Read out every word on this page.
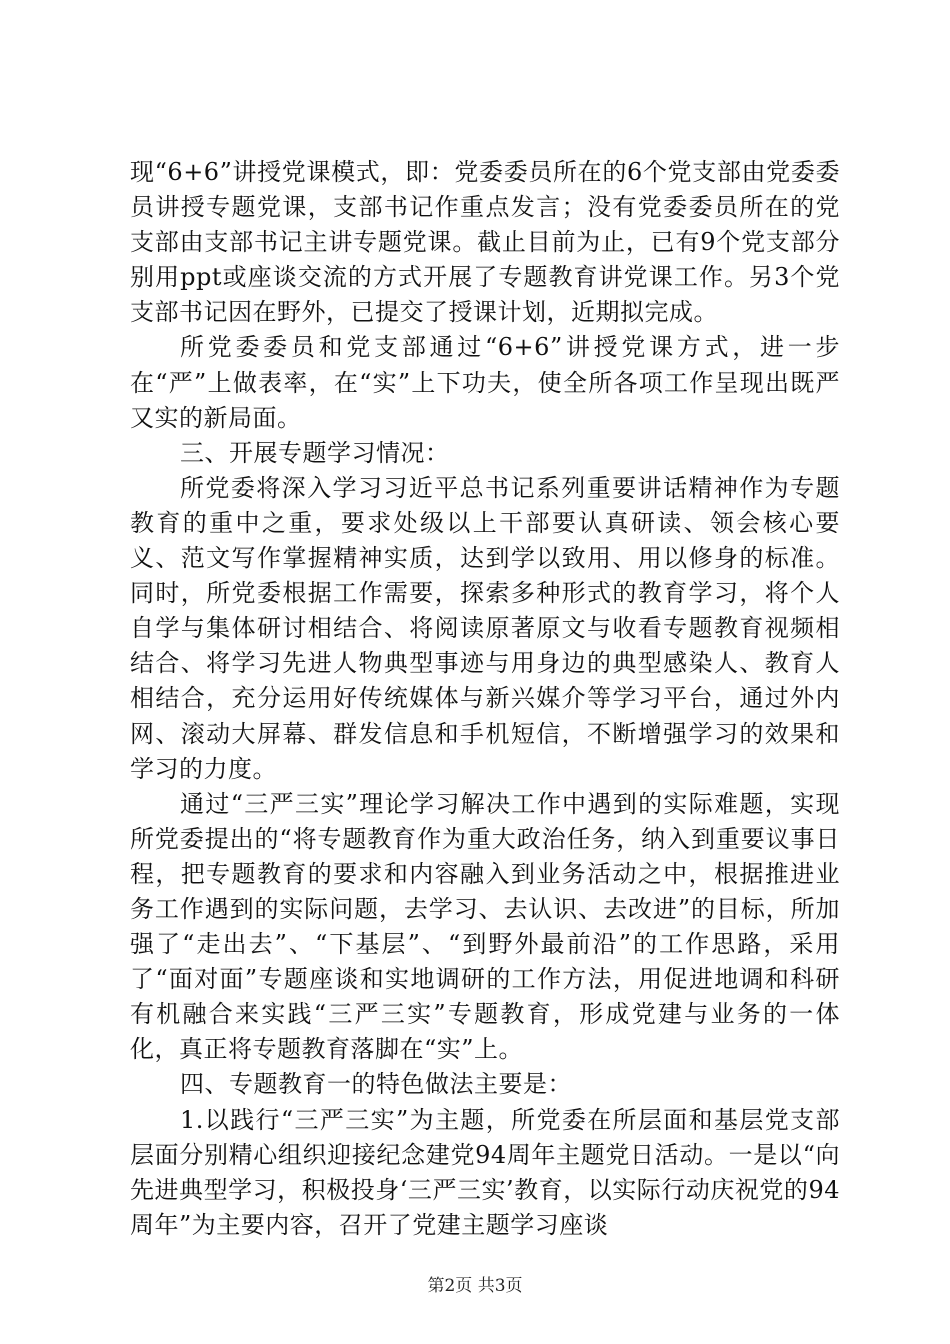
现“6+6”讲授党课模式，即：党委委员所在的6个党支部由党委委员讲授专题党课，支部书记作重点发言；没有党委委员所在的党支部由支部书记主讲专题党课。截止目前为止，已有9个党支部分别用ppt或座谈交流的方式开展了专题教育讲党课工作。另3个党支部书记因在野外，已提交了授课计划，近期拟完成。

所党委委员和党支部通过“6+6”讲授党课方式，进一步在“严”上做表率，在“实”上下功夫，使全所各项工作呈现出既严又实的新局面。

三、开展专题学习情况：

所党委将深入学习习近平总书记系列重要讲话精神作为专题教育的重中之重，要求处级以上干部要认真研读、领会核心要义、范文写作掌握精神实质，达到学以致用、用以修身的标准。同时，所党委根据工作需要，探索多种形式的教育学习，将个人自学与集体研讨相结合、将阅读原著原文与收看专题教育视频相结合、将学习先进人物典型事迹与用身边的典型感染人、教育人相结合，充分运用好传统媒体与新兴媒介等学习平台，通过外内网、滚动大屏幕、群发信息和手机短信，不断增强学习的效果和学习的力度。

通过“三严三实”理论学习解决工作中遇到的实际难题，实现所党委提出的“将专题教育作为重大政治任务，纳入到重要议事日程，把专题教育的要求和内容融入到业务活动之中，根据推进业务工作遇到的实际问题，去学习、去认识、去改进”的目标，所加强了“走出去”、“下基层”、“到野外最前沿”的工作思路，采用了“面对面”专题座谈和实地调研的工作方法，用促进地调和科研有机融合来实践“三严三实”专题教育，形成党建与业务的一体化，真正将专题教育落脚在“实”上。

四、专题教育一的特色做法主要是：

1.以践行“三严三实”为主题，所党委在所层面和基层党支部层面分别精心组织迎接纪念建党94周年主题党日活动。一是以“向先进典型学习，积极投身‘三严三实’教育，以实际行动庆祝党的94周年”为主要内容，召开了党建主题学习座谈

第2页 共3页
